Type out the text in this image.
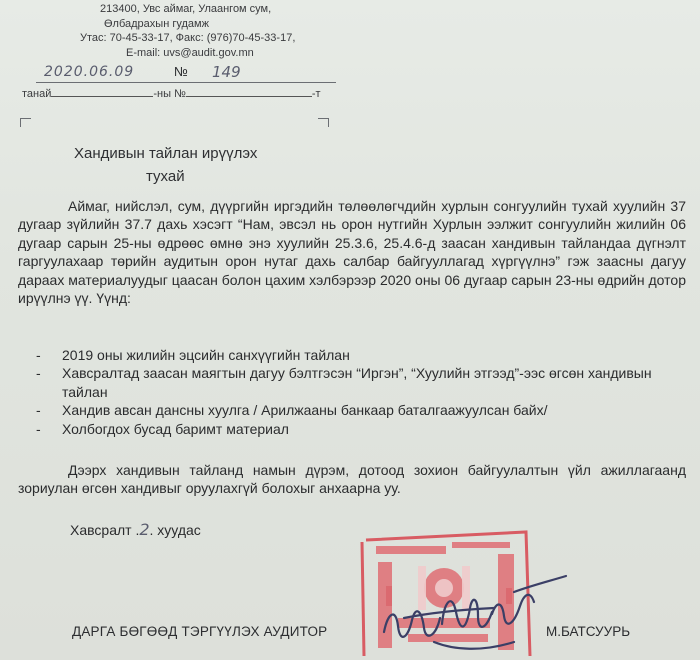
213400, Увс аймаг, Улаангом сум,
Өлбадрахын гудамж
Утас: 70-45-33-17, Факс: (976)70-45-33-17,
E-mail: uvs@audit.gov.mn
2020.06.09	№ 149
танай	-ны №	-т
Хандивын тайлан ирүүлэх
тухай
Аймаг, нийслэл, сум, дүүргийн иргэдийн төлөөлөгчдийн хурлын сонгуулийн тухай хуулийн 37 дугаар зүйлийн 37.7 дахь хэсэгт “Нам, эвсэл нь орон нутгийн Хурлын ээлжит сонгуулийн жилийн 06 дугаар сарын 25-ны өдрөөс өмнө энэ хуулийн 25.3.6, 25.4.6-д заасан хандивын тайландаа дүгнэлт гаргуулахаар төрийн аудитын орон нутаг дахь салбар байгууллагад хүргүүлнэ” гэж заасны дагуу дараах материалуудыг цаасан болон цахим хэлбэрээр 2020 оны 06 дугаар сарын 23-ны өдрийн дотор ирүүлнэ үү. Үүнд:
- 2019 оны жилийн эцсийн санхүүгийн тайлан
- Хавсралтад заасан маягтын дагуу бэлтгэсэн “Иргэн”, “Хуулийн этгээд”-ээс өгсөн хандивын тайлан
- Хандив авсан дансны хуулга / Арилжааны банкаар баталгаажуулсан байх/
- Холбогдох бусад баримт материал
Дээрх хандивын тайланд намын дүрэм, дотоод зохион байгуулалтын үйл ажиллагаанд зориулан өгсөн хандивыг оруулахгүй болохыг анхаарна уу.
Хавсралт .2. хуудас
ДАРГА БӨГӨӨД ТЭРГҮҮЛЭХ АУДИТОР	М.БАТСУУРЬ
